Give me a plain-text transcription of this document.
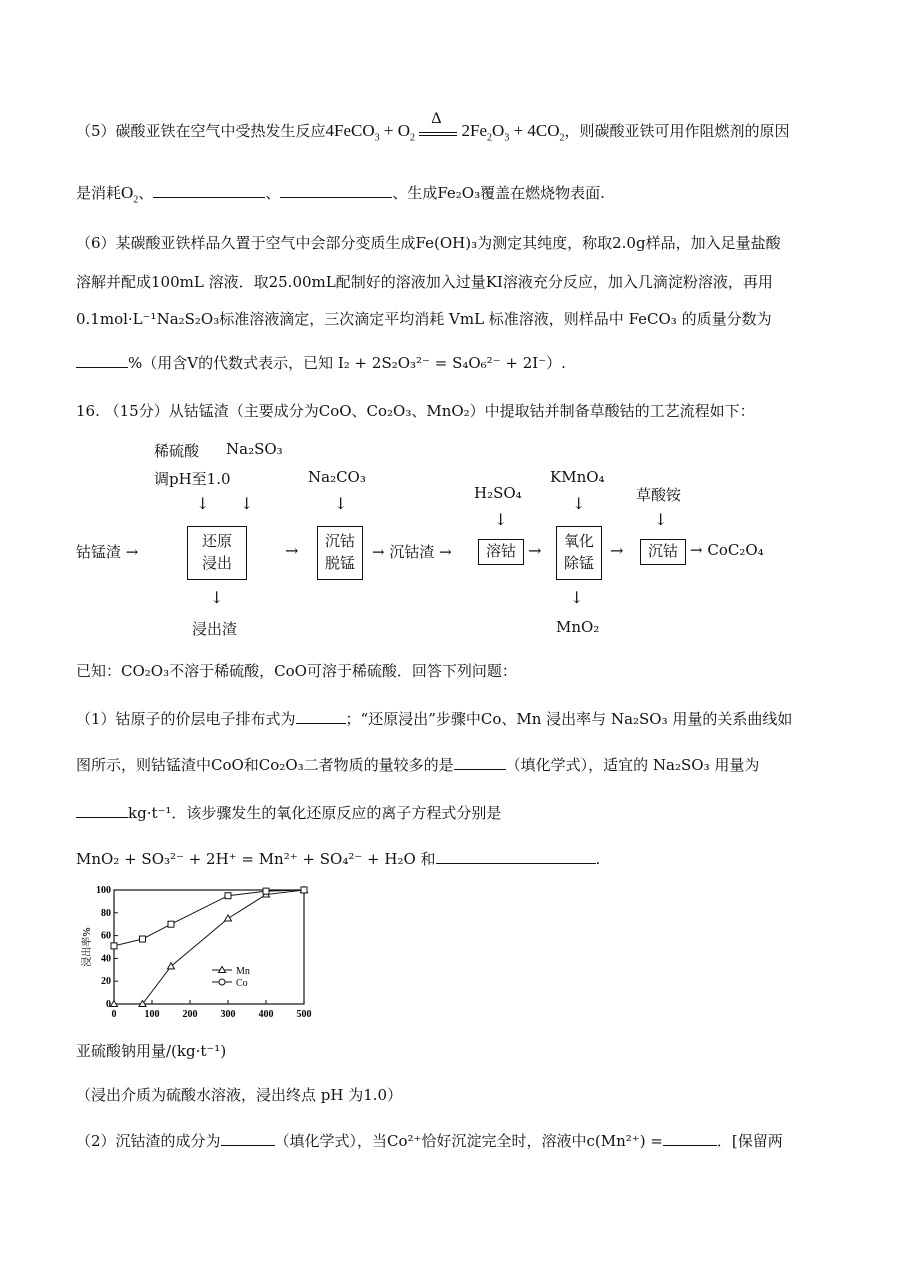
（5）碳酸亚铁在空气中受热发生反应4FeCO$_3$ + $O_2$
Δ
$2Fe_2O_3 + 4CO_2$，则碳酸亚铁可用作阻燃剂的原因
是消耗$O_2$、	、	、生成Fe₂O₃覆盖在燃烧物表面.
（6）某碳酸亚铁样品久置于空气中会部分变质生成Fe(OH)₃为测定其纯度，称取2.0g样品，加入足量盐酸
溶解并配成100mL 溶液．取25.00mL配制好的溶液加入过量KI溶液充分反应，加入几滴淀粉溶液，再用
0.1mol·L⁻¹Na₂S₂O₃标准溶液滴定，三次滴定平均消耗 VmL 标准溶液，则样品中 FeCO₃ 的质量分数为
%（用含V的代数式表示，已知 I₂ + 2S₂O₃²⁻ = S₄O₆²⁻ + 2I⁻）.
16. （15分）从钴锰渣（主要成分为CoO、Co₂O₃、MnO₂）中提取钴并制备草酸钴的工艺流程如下：
稀硫酸 Na₂SO₃
调pH至1.0
↓ ↓
Na₂CO₃
↓
H₂SO₄
↓
KMnO₄
↓	草酸铵
↓
钴锰渣 →
还原
浸出
→	沉钴
脱锰
→ 沉钴渣 →	溶钴 →	氧化
除锰
→	沉钴 → CoC₂O₄
↓
浸出渣
↓
MnO₂
已知：CO₂O₃不溶于稀硫酸，CoO可溶于稀硫酸．回答下列问题：
（1）钴原子的价层电子排布式为	；“还原浸出”步骤中Co、Mn 浸出率与 Na₂SO₃ 用量的关系曲线如
图所示，则钴锰渣中CoO和Co₂O₃二者物质的量较多的是	（填化学式），适宜的 Na₂SO₃ 用量为
kg·t⁻¹．该步骤发生的氧化还原反应的离子方程式分别是
MnO₂ + SO₃²⁻ + 2H⁺ = Mn²⁺ + SO₄²⁻ + H₂O 和	.
0
20
40
60
80
100
0	100 200 300 400 500
浸出率%
Mn
Co
亚硫酸钠用量/(kg·t⁻¹)
（浸出介质为硫酸水溶液，浸出终点 pH 为1.0）
（2）沉钴渣的成分为	（填化学式），当Co²⁺恰好沉淀完全时，溶液中c(Mn²⁺) =	．[保留两
